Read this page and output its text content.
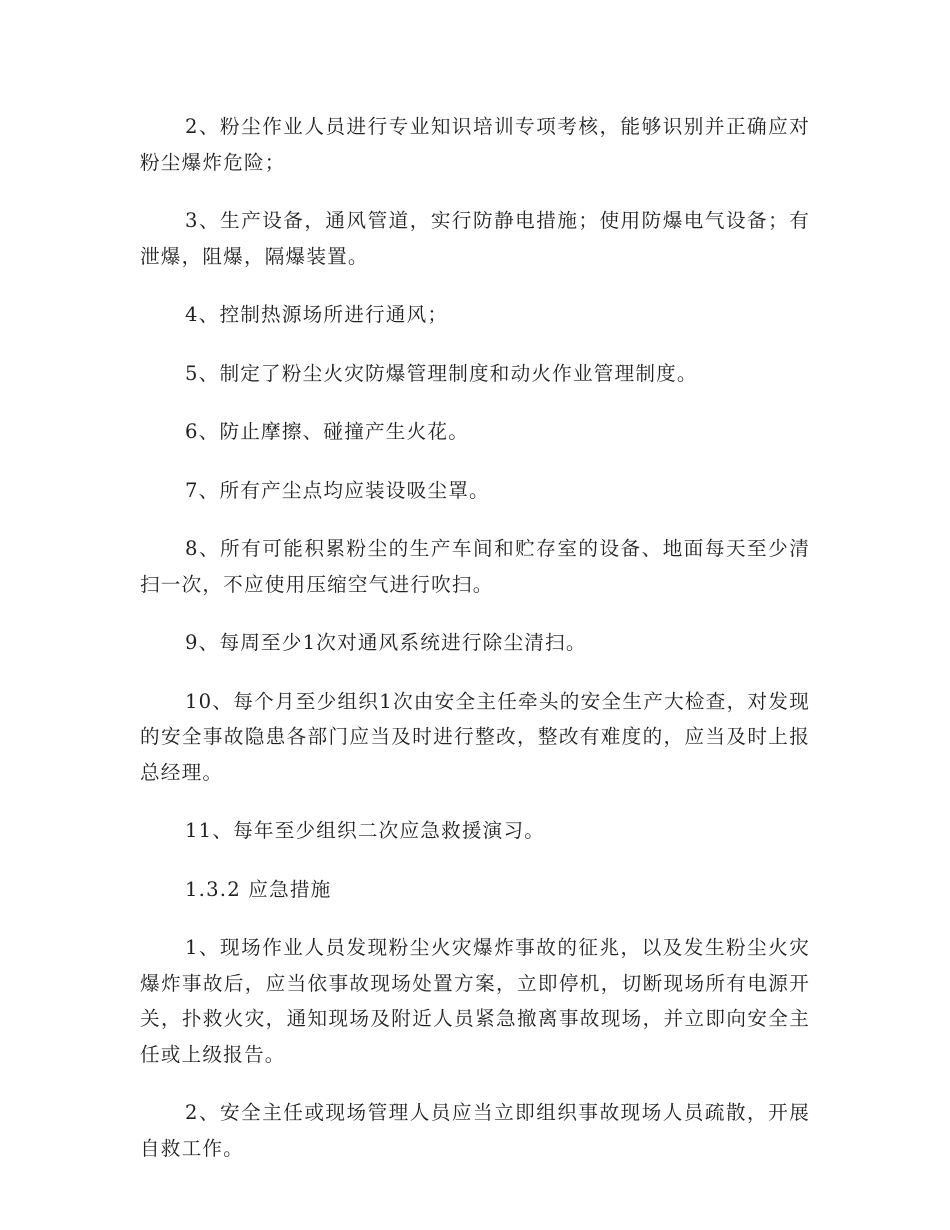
2、粉尘作业人员进行专业知识培训专项考核，能够识别并正确应对粉尘爆炸危险；

3、生产设备，通风管道，实行防静电措施；使用防爆电气设备；有泄爆，阻爆，隔爆装置。

4、控制热源场所进行通风；

5、制定了粉尘火灾防爆管理制度和动火作业管理制度。

6、防止摩擦、碰撞产生火花。

7、所有产尘点均应装设吸尘罩。

8、所有可能积累粉尘的生产车间和贮存室的设备、地面每天至少清扫一次，不应使用压缩空气进行吹扫。

9、每周至少1次对通风系统进行除尘清扫。

10、每个月至少组织1次由安全主任牵头的安全生产大检查，对发现的安全事故隐患各部门应当及时进行整改，整改有难度的，应当及时上报总经理。

11、每年至少组织二次应急救援演习。

1.3.2 应急措施

1、现场作业人员发现粉尘火灾爆炸事故的征兆，以及发生粉尘火灾爆炸事故后，应当依事故现场处置方案，立即停机，切断现场所有电源开关，扑救火灾，通知现场及附近人员紧急撤离事故现场，并立即向安全主任或上级报告。

2、安全主任或现场管理人员应当立即组织事故现场人员疏散，开展自救工作。
